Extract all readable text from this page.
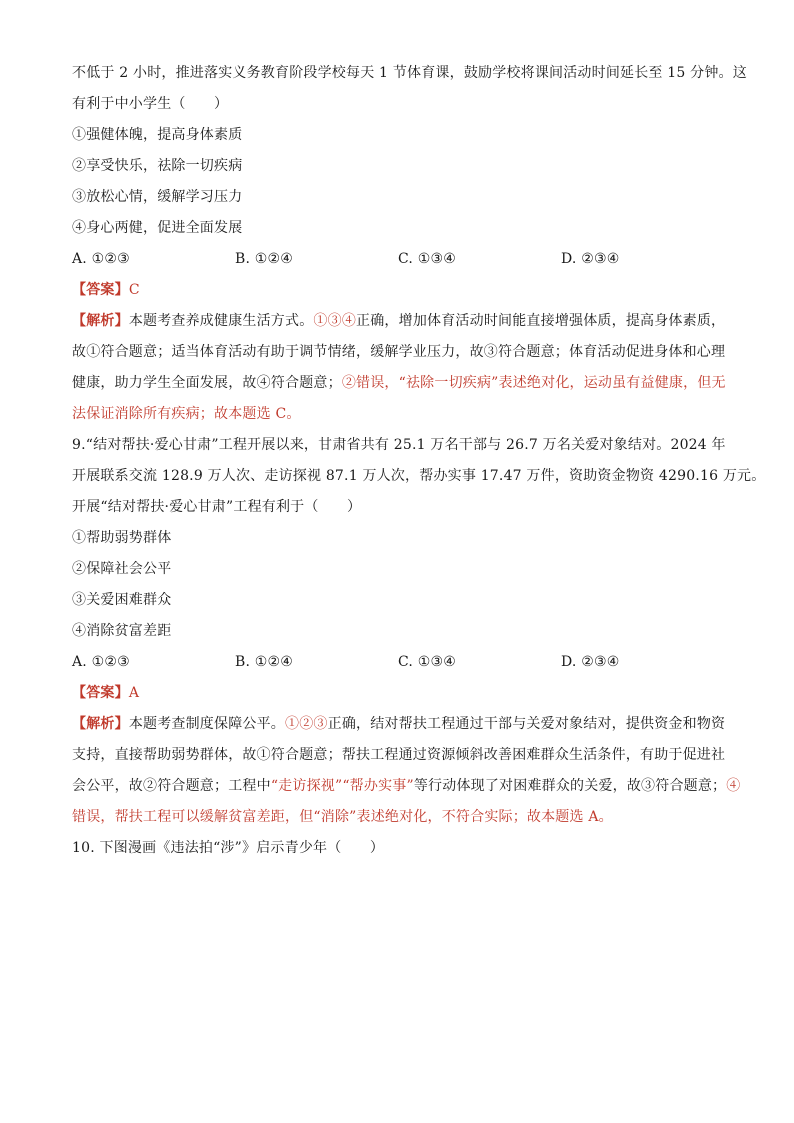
不低于 2 小时，推进落实义务教育阶段学校每天 1 节体育课，鼓励学校将课间活动时间延长至 15 分钟。这
有利于中小学生（　　）
①强健体魄，提高身体素质
②享受快乐，祛除一切疾病
③放松心情，缓解学习压力
④身心两健，促进全面发展
A. ①②③	B. ①②④	C. ①③④	D. ②③④
【答案】C
【解析】本题考查养成健康生活方式。①③④正确，增加体育活动时间能直接增强体质，提高身体素质，
故①符合题意；适当体育活动有助于调节情绪，缓解学业压力，故③符合题意；体育活动促进身体和心理
健康，助力学生全面发展，故④符合题意；②错误，“祛除一切疾病”表述绝对化，运动虽有益健康，但无
法保证消除所有疾病；故本题选 C。
9.“结对帮扶·爱心甘肃”工程开展以来，甘肃省共有 25.1 万名干部与 26.7 万名关爱对象结对。2024 年
开展联系交流 128.9 万人次、走访探视 87.1 万人次，帮办实事 17.47 万件，资助资金物资 4290.16 万元。
开展“结对帮扶·爱心甘肃”工程有利于（　　）
①帮助弱势群体
②保障社会公平
③关爱困难群众
④消除贫富差距
A. ①②③	B. ①②④	C. ①③④	D. ②③④
【答案】A
【解析】本题考查制度保障公平。①②③正确，结对帮扶工程通过干部与关爱对象结对，提供资金和物资
支持，直接帮助弱势群体，故①符合题意；帮扶工程通过资源倾斜改善困难群众生活条件，有助于促进社
会公平，故②符合题意；工程中“走访探视”“帮办实事”等行动体现了对困难群众的关爱，故③符合题意；④
错误，帮扶工程可以缓解贫富差距，但“消除”表述绝对化，不符合实际；故本题选 A。
10. 下图漫画《违法拍“涉”》启示青少年（　　）
